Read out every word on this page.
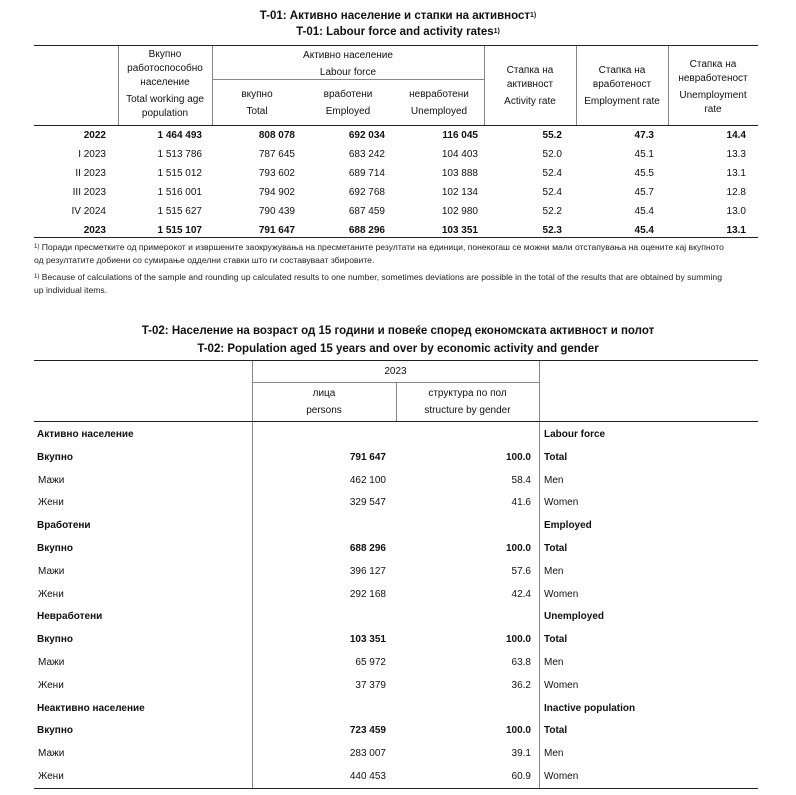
T-01: Активно население и стапки на активност$^{1)}$
T-01: Labour force and activity rates$^{1)}$
Вкупно
работоспособно
население
Total working age
population
Активно население
Labour force
вкупно
Total
вработени
Employed
невработени
Unemployed
Стапка на
активност
Activity rate
Стапка на
вработеност
Employment rate
Стапка на
невработеност
Unemployment
rate
2022	1 464 493	808 078	692 034	116 045	55.2	47.3	14.4
I 2023	1 513 786	787 645	683 242	104 403	52.0	45.1	13.3
II 2023	1 515 012	793 602	689 714	103 888	52.4	45.5	13.1
III 2023	1 516 001	794 902	692 768	102 134	52.4	45.7	12.8
IV 2024	1 515 627	790 439	687 459	102 980	52.2	45.4	13.0
2023	1 515 107	791 647	688 296	103 351	52.3	45.4	13.1
$^{1)}$ Поради пресметките од примерокот и извршените заокружувања на пресметаните резултати на единици, понекогаш се можни мали отстапувања на оцените кај вкупното
од резултатите добиени со сумирање одделни ставки што ги составуваат збировите.
$^{1)}$ Because of calculations of the sample and rounding up calculated results to one number, sometimes deviations are possible in the total of the results that are obtained by summing
up individual items.
T-02: Население на возраст од 15 години и повеќе според економската активност и полот
T-02: Population aged 15 years and over by economic activity and gender
2023
лица
persons
структура по пол
structure by gender
Активно население	Labour force
Вкупно	791 647	100.0 Total
Мажи	462 100	58.4 Men
Жени	329 547	41.6 Women
Вработени	Employed
Вкупно	688 296	100.0 Total
Мажи	396 127	57.6 Men
Жени	292 168	42.4 Women
Невработени	Unemployed
Вкупно	103 351	100.0 Total
Мажи	65 972	63.8 Men
Жени	37 379	36.2 Women
Неактивно население	Inactive population
Вкупно	723 459	100.0 Total
Мажи	283 007	39.1 Men
Жени	440 453	60.9 Women
